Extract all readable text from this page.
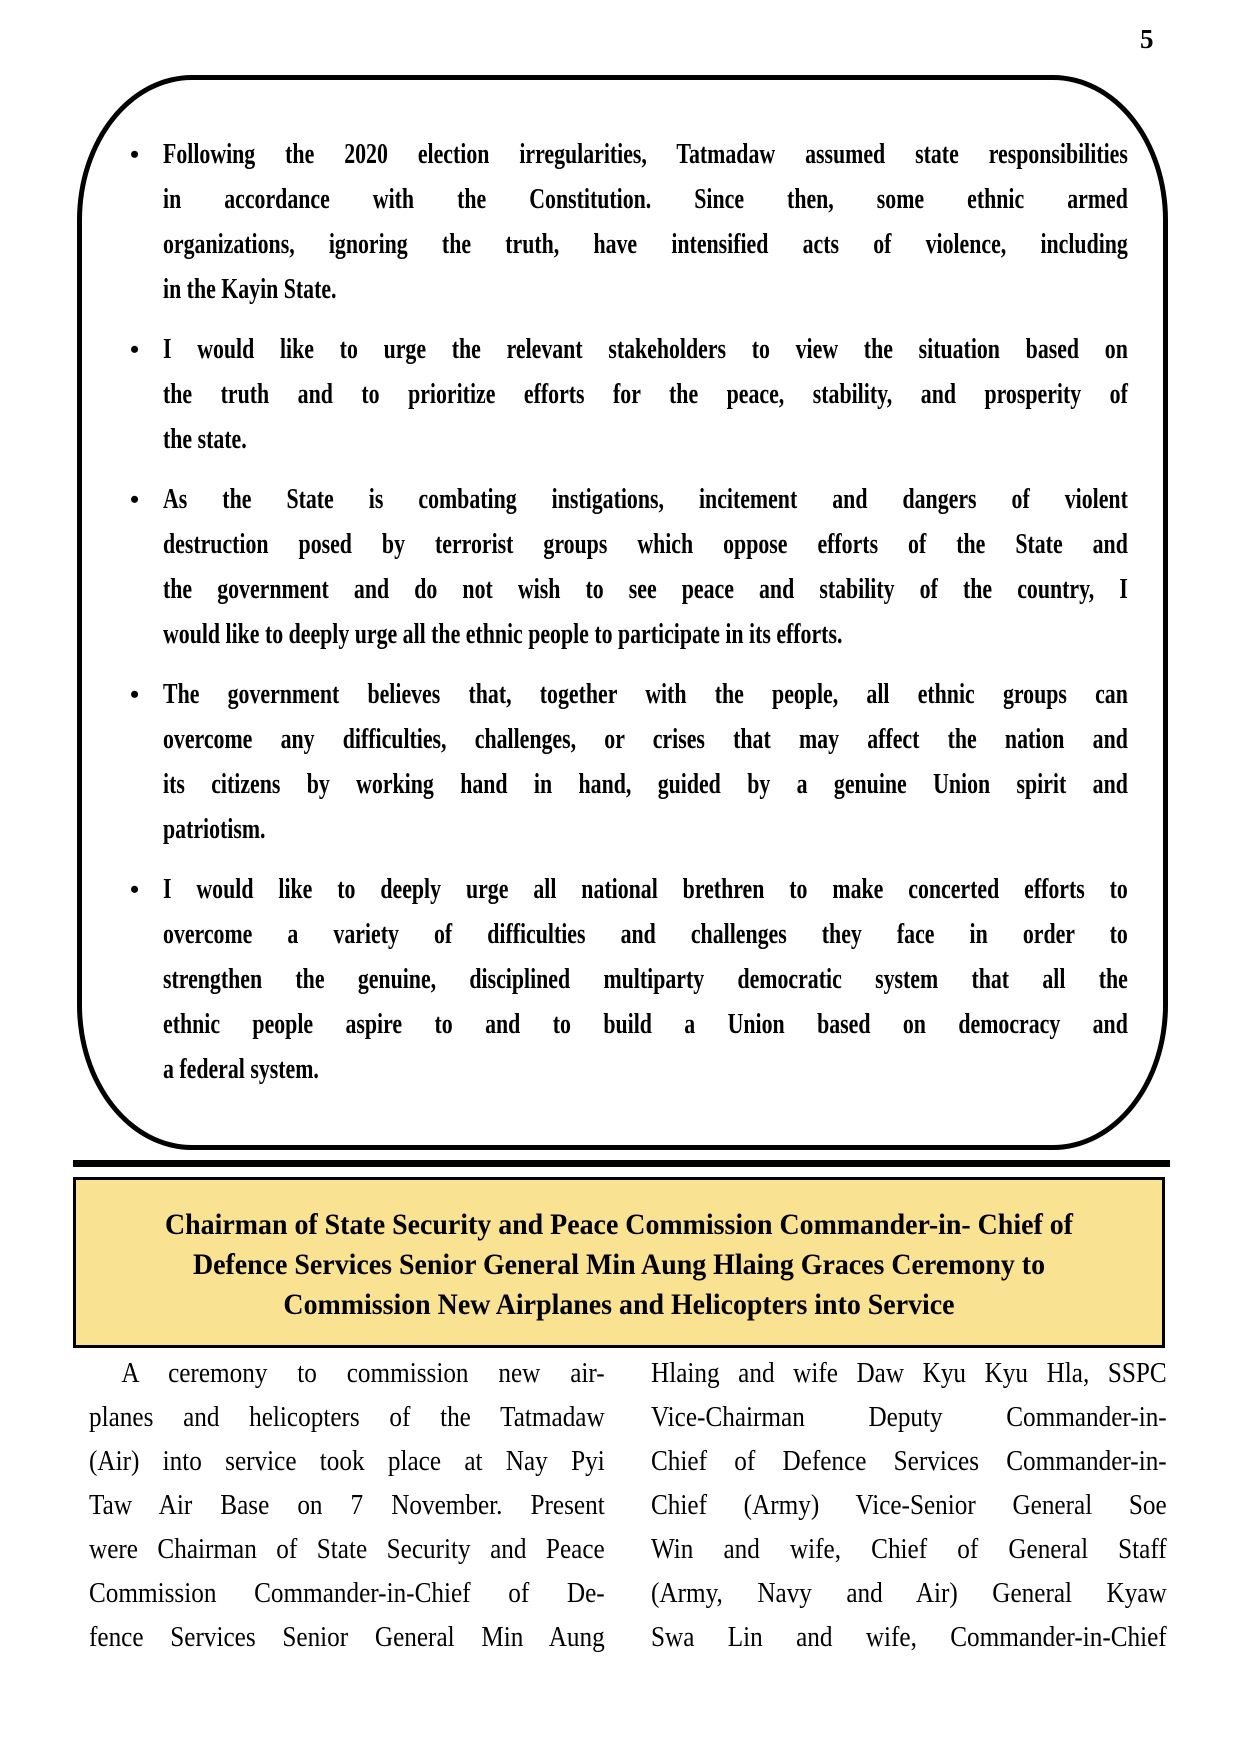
5
• Following the 2020 election irregularities, Tatmadaw assumed state responsibilities
in accordance with the Constitution. Since then, some ethnic armed
organizations, ignoring the truth, have intensified acts of violence, including
in the Kayin State.
• I would like to urge the relevant stakeholders to view the situation based on
the truth and to prioritize efforts for the peace, stability, and prosperity of
the state.
• As the State is combating instigations, incitement and dangers of violent
destruction posed by terrorist groups which oppose efforts of the State and
the government and do not wish to see peace and stability of the country, I
would like to deeply urge all the ethnic people to participate in its efforts.
• The government believes that, together with the people, all ethnic groups can
overcome any difficulties, challenges, or crises that may affect the nation and
its citizens by working hand in hand, guided by a genuine Union spirit and
patriotism.
• I would like to deeply urge all national brethren to make concerted efforts to
overcome a variety of difficulties and challenges they face in order to
strengthen the genuine, disciplined multiparty democratic system that all the
ethnic people aspire to and to build a Union based on democracy and
a federal system.
Chairman of State Security and Peace Commission Commander-in- Chief of
Defence Services Senior General Min Aung Hlaing Graces Ceremony to
Commission New Airplanes and Helicopters into Service
A ceremony to commission new air-
planes and helicopters of the Tatmadaw
(Air) into service took place at Nay Pyi
Taw Air Base on 7 November. Present
were Chairman of State Security and Peace
Commission Commander-in-Chief of De-
fence Services Senior General Min Aung
Hlaing and wife Daw Kyu Kyu Hla, SSPC
Vice-Chairman Deputy Commander-in-
Chief of Defence Services Commander-in-
Chief (Army) Vice-Senior General Soe
Win and wife, Chief of General Staff
(Army, Navy and Air) General Kyaw
Swa Lin and wife, Commander-in-Chief
